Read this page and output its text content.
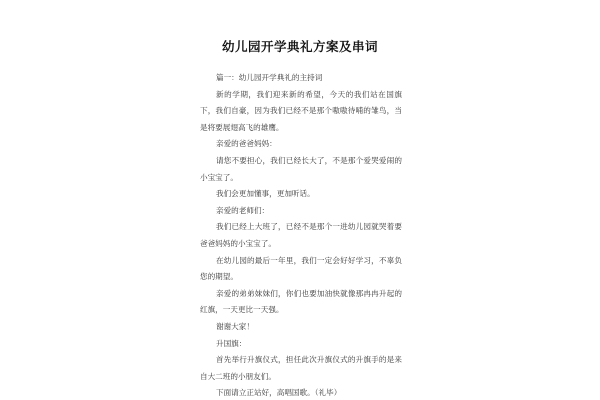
幼儿园开学典礼方案及串词

篇一：幼儿园开学典礼的主持词

新的学期，我们迎来新的希望，今天的我们站在国旗下，我们自豪，因为我们已经不是那个嗷嗷待哺的雏鸟，当是将要展翅高飞的雄鹰。

亲爱的爸爸妈妈：

请您不要担心，我们已经长大了，不是那个爱哭爱闹的小宝宝了。

我们会更加懂事，更加听话。

亲爱的老师们：

我们已经上大班了，已经不是那个一进幼儿园就哭着要爸爸妈妈的小宝宝了。

在幼儿园的最后一年里，我们一定会好好学习，不辜负您的期望。

亲爱的弟弟妹妹们，你们也要加油快就像那冉冉升起的红旗，一天更比一天强。

谢谢大家！

升国旗：

首先举行升旗仪式，担任此次升旗仪式的升旗手的是来自大二班的小朋友们。

下面请立正站好，高唱国歌。（礼毕）
